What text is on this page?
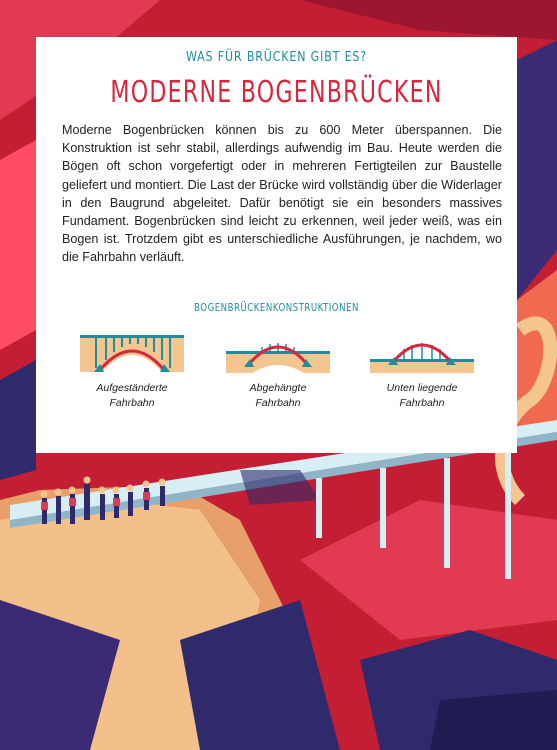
WAS FÜR BRÜCKEN GIBT ES?
MODERNE BOGENBRÜCKEN
Moderne Bogenbrücken können bis zu 600 Meter überspannen. Die Konstruktion ist sehr stabil, allerdings aufwendig im Bau. Heute werden die Bögen oft schon vorgefertigt oder in mehreren Fertigteilen zur Baustelle geliefert und montiert. Die Last der Brücke wird vollständig über die Widerlager in den Baugrund abgeleitet. Dafür benötigt sie ein besonders massives Fundament. Bogenbrücken sind leicht zu erkennen, weil jeder weiß, was ein Bogen ist. Trotzdem gibt es unterschiedliche Ausführungen, je nachdem, wo die Fahrbahn verläuft.
BOGENBRÜCKENKONSTRUKTIONEN
Aufgeständerte
Fahrbahn
Abgehängte
Fahrbahn
Unten liegende
Fahrbahn
